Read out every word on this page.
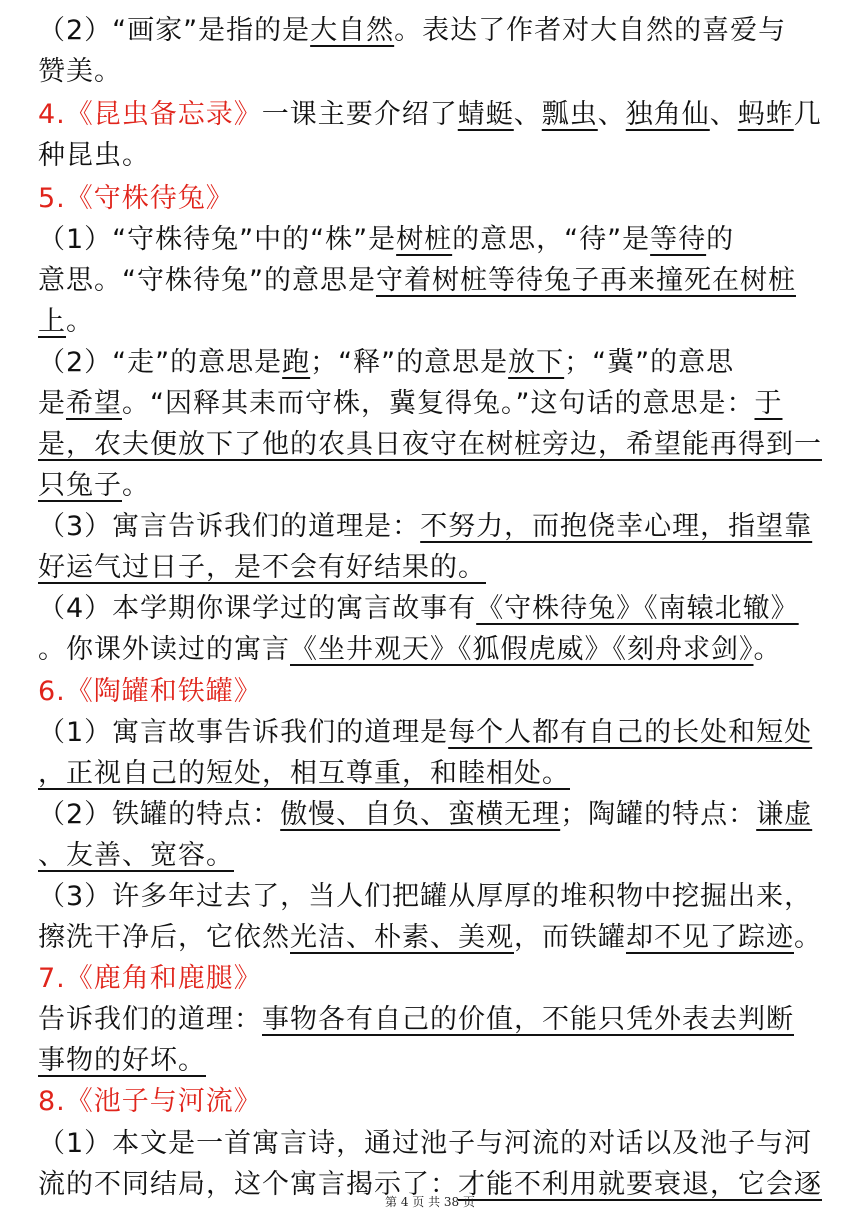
（2）“画家”是指的是大自然。表达了作者对大自然的喜爱与
赞美。
4.《昆虫备忘录》一课主要介绍了蜻蜓、瓢虫、独角仙、蚂蚱几
种昆虫。
5.《守株待兔》
（1）“守株待兔”中的“株”是树桩的意思，“待”是等待的
意思。“守株待兔”的意思是守着树桩等待兔子再来撞死在树桩
上。
（2）“走”的意思是跑；“释”的意思是放下；“冀”的意思
是希望。“因释其耒而守株，冀复得兔。”这句话的意思是：于
是，农夫便放下了他的农具日夜守在树桩旁边，希望能再得到一
只兔子。
（3）寓言告诉我们的道理是：不努力，而抱侥幸心理，指望靠
好运气过日子，是不会有好结果的。
（4）本学期你课学过的寓言故事有《守株待兔》《南辕北辙》
。你课外读过的寓言《坐井观天》《狐假虎威》《刻舟求剑》。
6.《陶罐和铁罐》
（1）寓言故事告诉我们的道理是每个人都有自己的长处和短处
，正视自己的短处，相互尊重，和睦相处。
（2）铁罐的特点：傲慢、自负、蛮横无理；陶罐的特点：谦虚
、友善、宽容。
（3）许多年过去了，当人们把罐从厚厚的堆积物中挖掘出来，
擦洗干净后，它依然光洁、朴素、美观，而铁罐却不见了踪迹。
7.《鹿角和鹿腿》
告诉我们的道理：事物各有自己的价值，不能只凭外表去判断
事物的好坏。
8.《池子与河流》
（1）本文是一首寓言诗，通过池子与河流的对话以及池子与河
流的不同结局，这个寓言揭示了：才能不利用就要衰退，它会逐
第 4 页 共 38 页
